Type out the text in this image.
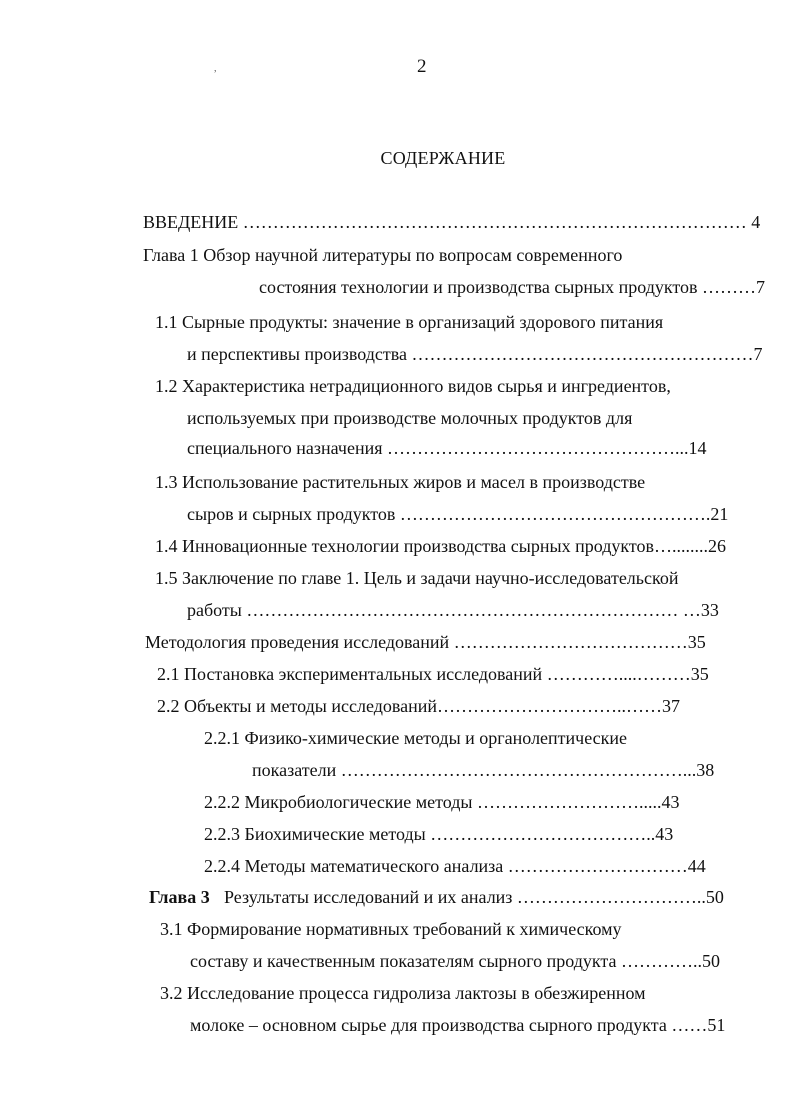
,	2
СОДЕРЖАНИЕ
ВВЕДЕНИЕ ………………………………………………………………………… 4
Глава 1 Обзор научной литературы по вопросам современного
состояния технологии и производства сырных продуктов ………7
1.1 Сырные продукты: значение в организаций здорового питания
и перспективы производства …………………………………………………7
1.2 Характеристика нетрадиционного видов сырья и ингредиентов,
используемых при производстве молочных продуктов для
специального назначения …………………………………………...14
1.3 Использование растительных жиров и масел в производстве
сыров и сырных продуктов …………………………………………….21
1.4 Инновационные технологии производства сырных продуктов…........26
1.5 Заключение по главе 1. Цель и задачи научно-исследовательской
работы ……………………………………………………………… …33
Методология проведения исследований …………………………………35
2.1 Постановка экспериментальных исследований …………....………35
2.2 Объекты и методы исследований…………………………..……37
2.2.1 Физико-химические методы и органолептические
показатели …………………………………………………...38
2.2.2 Микробиологические методы ……………………….....43
2.2.3 Биохимические методы ………………………………..43
2.2.4 Методы математического анализа …………………………44
Глава 3 Результаты исследований и их анализ …………………………..50
3.1 Формирование нормативных требований к химическому
составу и качественным показателям сырного продукта …………..50
3.2 Исследование процесса гидролиза лактозы в обезжиренном
молоке – основном сырье для производства сырного продукта ……51
